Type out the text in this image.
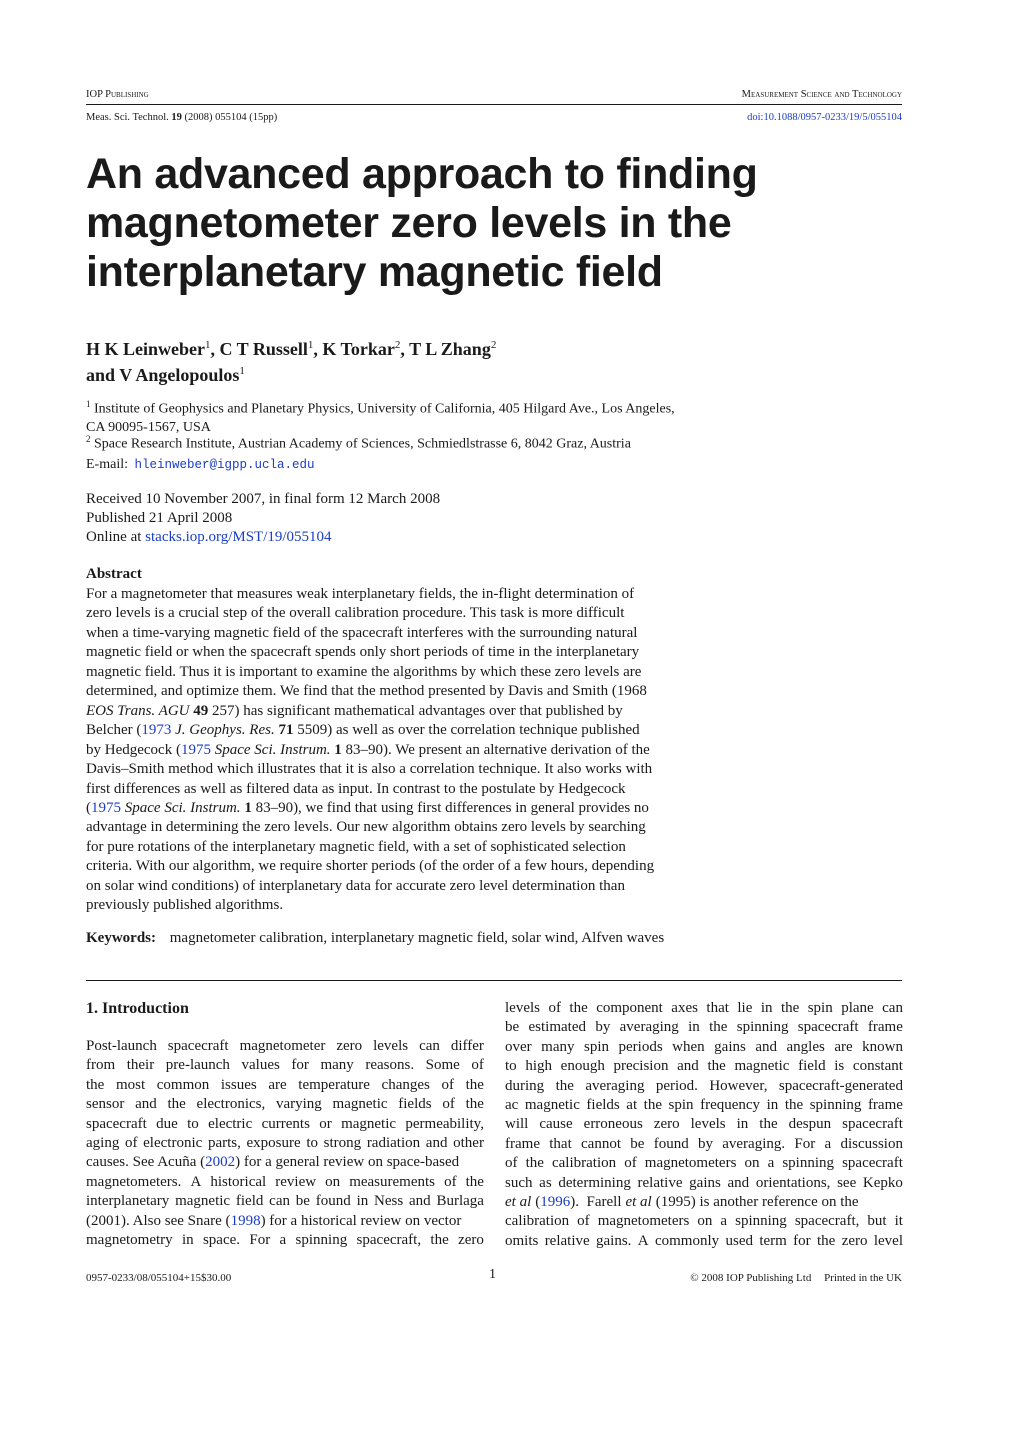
IOP Publishing	Measurement Science and Technology
Meas. Sci. Technol. 19 (2008) 055104 (15pp)	doi:10.1088/0957-0233/19/5/055104
An advanced approach to finding
magnetometer zero levels in the
interplanetary magnetic field
H K Leinweber$^1$, C T Russell$^1$, K Torkar$^2$, T L Zhang$^2$
and V Angelopoulos$^1$
$^1$ Institute of Geophysics and Planetary Physics, University of California, 405 Hilgard Ave., Los Angeles,
CA 90095-1567, USA
$^2$ Space Research Institute, Austrian Academy of Sciences, Schmiedlstrasse 6, 8042 Graz, Austria
E-mail: hleinweber@igpp.ucla.edu
Received 10 November 2007, in final form 12 March 2008
Published 21 April 2008
Online at stacks.iop.org/MST/19/055104
Abstract
For a magnetometer that measures weak interplanetary fields, the in-flight determination of
zero levels is a crucial step of the overall calibration procedure. This task is more difficult
when a time-varying magnetic field of the spacecraft interferes with the surrounding natural
magnetic field or when the spacecraft spends only short periods of time in the interplanetary
magnetic field. Thus it is important to examine the algorithms by which these zero levels are
determined, and optimize them. We find that the method presented by Davis and Smith (1968
EOS Trans. AGU 49 257) has significant mathematical advantages over that published by
Belcher (1973 J. Geophys. Res. 71 5509) as well as over the correlation technique published
by Hedgecock (1975 Space Sci. Instrum. 1 83–90). We present an alternative derivation of the
Davis–Smith method which illustrates that it is also a correlation technique. It also works with
first differences as well as filtered data as input. In contrast to the postulate by Hedgecock
(1975 Space Sci. Instrum. 1 83–90), we find that using first differences in general provides no
advantage in determining the zero levels. Our new algorithm obtains zero levels by searching
for pure rotations of the interplanetary magnetic field, with a set of sophisticated selection
criteria. With our algorithm, we require shorter periods (of the order of a few hours, depending
on solar wind conditions) of interplanetary data for accurate zero level determination than
previously published algorithms.
Keywords: magnetometer calibration, interplanetary magnetic field, solar wind, Alfven waves
1. Introduction
Post-launch spacecraft magnetometer zero levels can differ
from their pre-launch values for many reasons. Some of
the most common issues are temperature changes of the
sensor and the electronics, varying magnetic fields of the
spacecraft due to electric currents or magnetic permeability,
aging of electronic parts, exposure to strong radiation and other
causes. See Acuña ( 2002 ) for a general review on space-based
magnetometers. A historical review on measurements of the
interplanetary magnetic field can be found in Ness and Burlaga
(2001). Also see Snare ( 1998 ) for a historical review on vector
magnetometry in space. For a spinning spacecraft, the zero
levels of the component axes that lie in the spin plane can
be estimated by averaging in the spinning spacecraft frame
over many spin periods when gains and angles are known
to high enough precision and the magnetic field is constant
during the averaging period. However, spacecraft-generated
ac magnetic fields at the spin frequency in the spinning frame
will cause erroneous zero levels in the despun spacecraft
frame that cannot be found by averaging. For a discussion
of the calibration of magnetometers on a spinning spacecraft
such as determining relative gains and orientations, see Kepko
et al ( 1996 ).  Farell et al (1995) is another reference on the
calibration of magnetometers on a spinning spacecraft, but it
omits relative gains. A commonly used term for the zero level
0957-0233/08/055104+15$30.00	1	© 2008 IOP Publishing Ltd Printed in the UK
